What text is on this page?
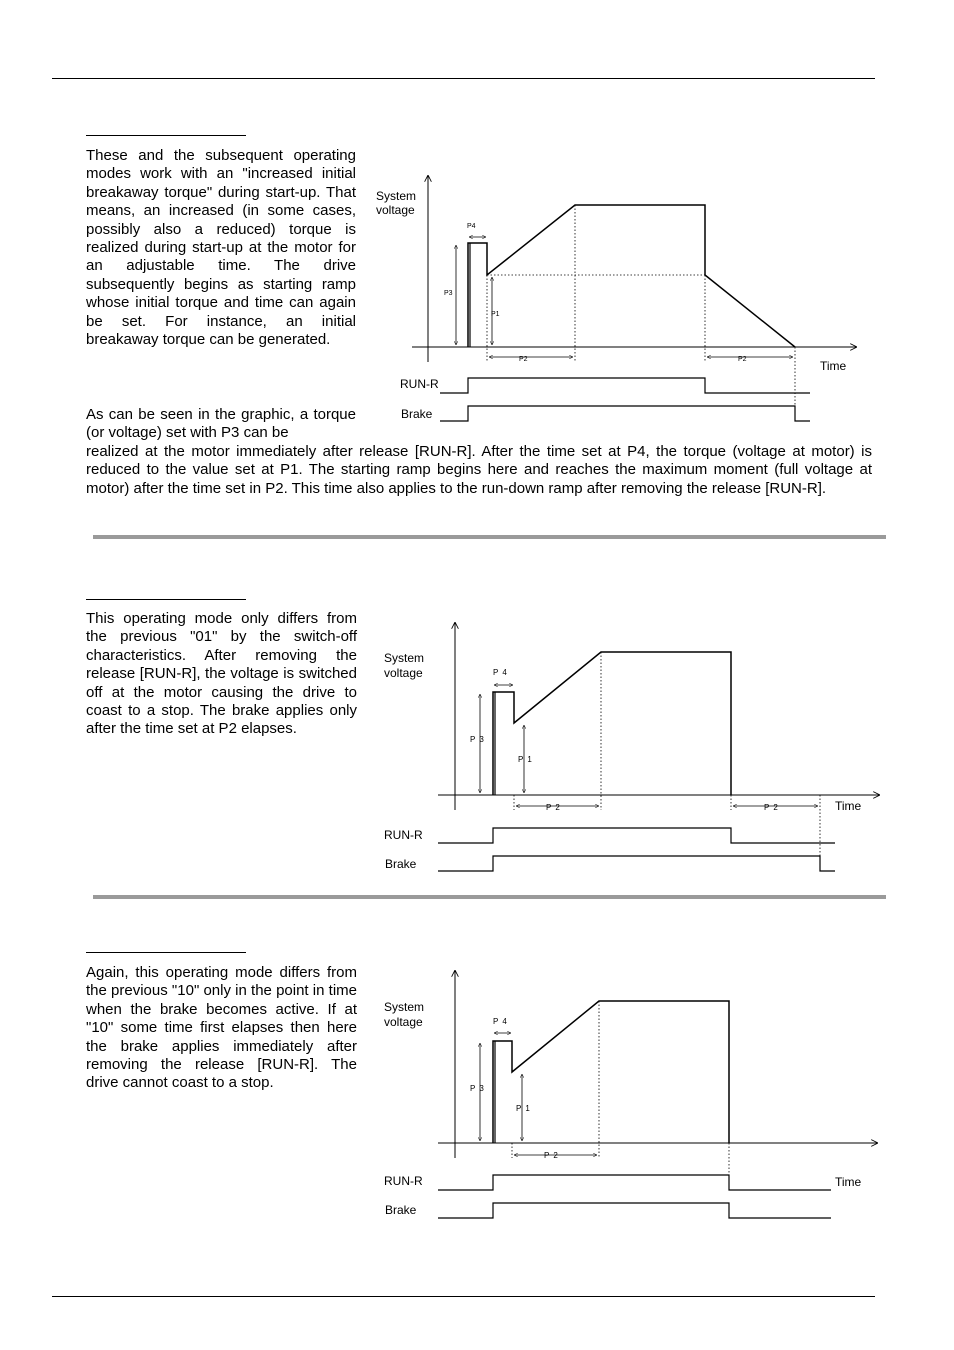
These and the subsequent operating modes work with an "increased initial breakaway torque" during start-up. That means, an increased (in some cases, possibly also a reduced) torque is realized during start-up at the motor for an adjustable time. The drive subsequently begins as starting ramp whose initial torque and time can again be set. For instance, an initial breakaway torque can be generated.

As can be seen in the graphic, a torque (or voltage) set with P3 can be

realized at the motor immediately after release [RUN-R]. After the time set at P4, the torque (voltage at motor) is reduced to the value set at P1. The starting ramp begins here and reaches the maximum moment (full voltage at motor) after the time set in P2. This time also applies to the run-down ramp after removing the release [RUN-R].

System
voltage
Time
P3
P4
P1
P2	P2
RUN-R
Brake

This operating mode only differs from the previous "01" by the switch-off characteristics. After removing the release [RUN-R], the voltage is switched off at the motor causing the drive to coast to a stop. The brake applies only after the time set at P2 elapses.

System
voltage
Time
P 3
P 4
P 1
P 2	P 2
RUN-R
Brake

Again, this operating mode differs from the previous "10" only in the point in time when the brake becomes active. If at "10" some time first elapses then here the brake applies immediately after removing the release [RUN-R]. The drive cannot coast to a stop.

System
voltage
Time
P 3
P 4
P 1
P 2
RUN-R
Brake
